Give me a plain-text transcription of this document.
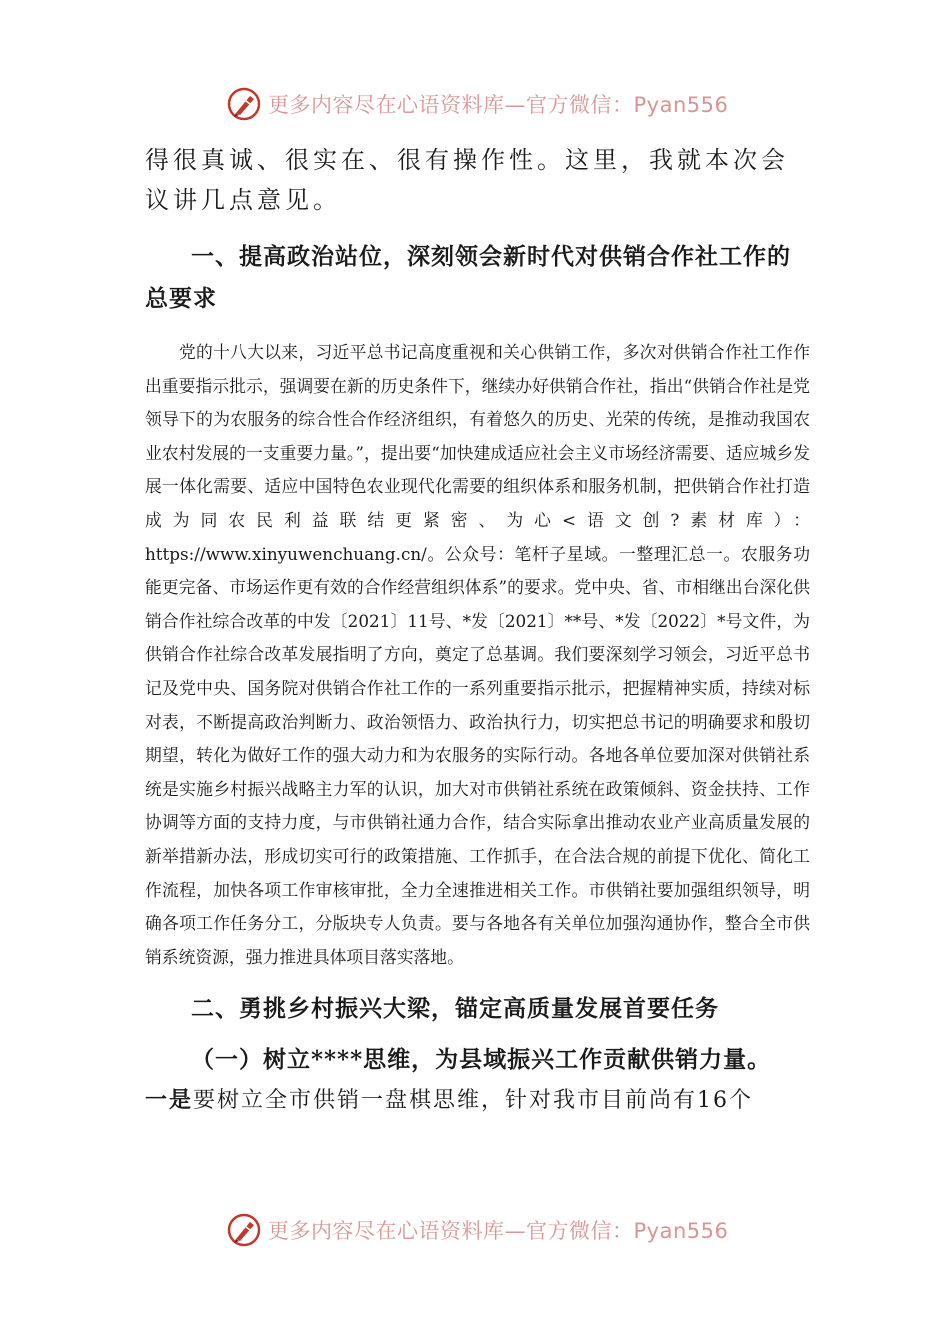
更多内容尽在心语资料库—官方微信：Pyan556

得很真诚、很实在、很有操作性。这里，我就本次会议讲几点意见。

一、提高政治站位，深刻领会新时代对供销合作社工作的总要求

党的十八大以来，习近平总书记高度重视和关心供销工作，多次对供销合作社工作作出重要指示批示，强调要在新的历史条件下，继续办好供销合作社，指出“供销合作社是党领导下的为农服务的综合性合作经济组织，有着悠久的历史、光荣的传统，是推动我国农业农村发展的一支重要力量。”，提出要“加快建成适应社会主义市场经济需要、适应城乡发展一体化需要、适应中国特色农业现代化需要的组织体系和服务机制，把供销合作社打造成为同农民利益联结更紧密、为心<语文创?素材库）：https://www.xinyuwenchuang.cn/。公众号：笔杆子星域。一整理汇总一。农服务功能更完备、市场运作更有效的合作经营组织体系”的要求。党中央、省、市相继出台深化供销合作社综合改革的中发〔2021〕11号、*发〔2021〕**号、*发〔2022〕*号文件，为供销合作社综合改革发展指明了方向，奠定了总基调。我们要深刻学习领会，习近平总书记及党中央、国务院对供销合作社工作的一系列重要指示批示，把握精神实质，持续对标对表，不断提高政治判断力、政治领悟力、政治执行力，切实把总书记的明确要求和殷切期望，转化为做好工作的强大动力和为农服务的实际行动。各地各单位要加深对供销社系统是实施乡村振兴战略主力军的认识，加大对市供销社系统在政策倾斜、资金扶持、工作协调等方面的支持力度，与市供销社通力合作，结合实际拿出推动农业产业高质量发展的新举措新办法，形成切实可行的政策措施、工作抓手，在合法合规的前提下优化、简化工作流程，加快各项工作审核审批，全力全速推进相关工作。市供销社要加强组织领导，明确各项工作任务分工，分版块专人负责。要与各地各有关单位加强沟通协作，整合全市供销系统资源，强力推进具体项目落实落地。

二、勇挑乡村振兴大梁，锚定高质量发展首要任务

（一）树立****思维，为县域振兴工作贡献供销力量。

一是要树立全市供销一盘棋思维，针对我市目前尚有16个

更多内容尽在心语资料库—官方微信：Pyan556
